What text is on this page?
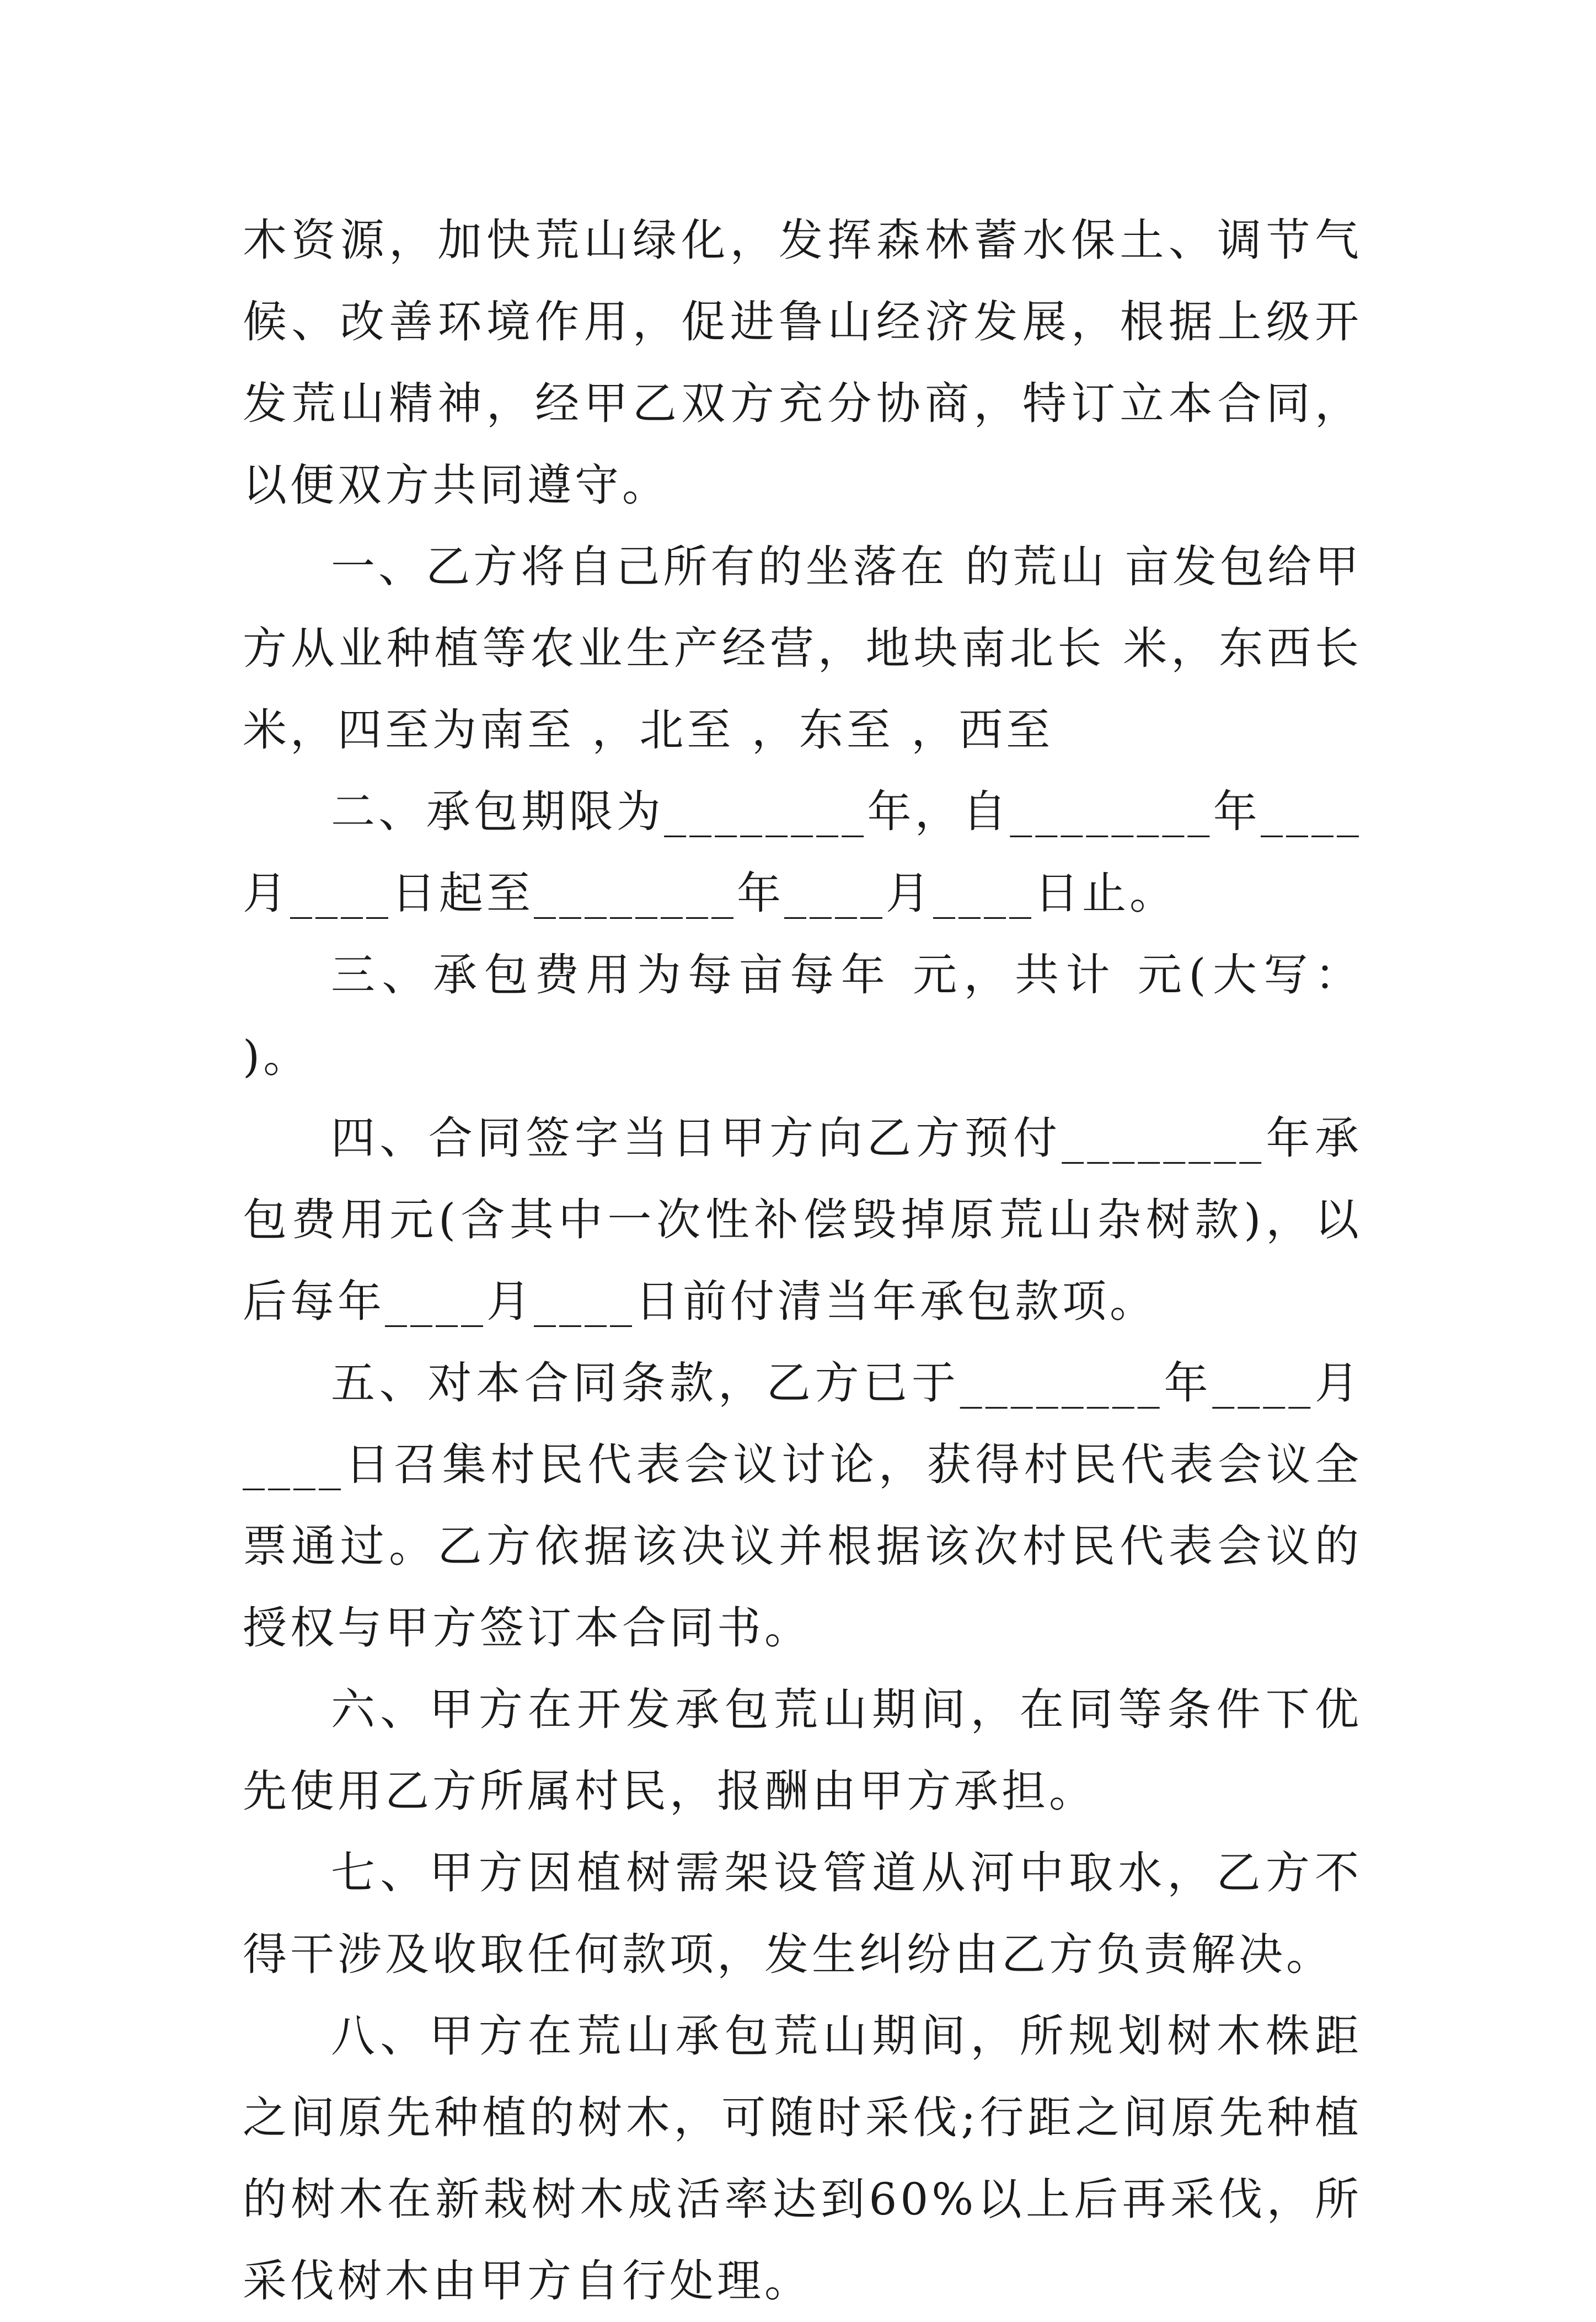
木资源，加快荒山绿化，发挥森林蓄水保土、调节气候、改善环境作用，促进鲁山经济发展，根据上级开发荒山精神，经甲乙双方充分协商，特订立本合同，以便双方共同遵守。

一、乙方将自己所有的坐落在 的荒山 亩发包给甲方从业种植等农业生产经营，地块南北长 米，东西长 米，四至为南至 ，北至 ，东至 ，西至

二、承包期限为________年，自________年____月____日起至________年____月____日止。

三、承包费用为每亩每年 元，共计 元(大写： )。

四、合同签字当日甲方向乙方预付________年承包费用元(含其中一次性补偿毁掉原荒山杂树款)，以后每年____月____日前付清当年承包款项。

五、对本合同条款，乙方已于________年____月____日召集村民代表会议讨论，获得村民代表会议全票通过。乙方依据该决议并根据该次村民代表会议的授权与甲方签订本合同书。

六、甲方在开发承包荒山期间，在同等条件下优先使用乙方所属村民，报酬由甲方承担。

七、甲方因植树需架设管道从河中取水，乙方不得干涉及收取任何款项，发生纠纷由乙方负责解决。

八、甲方在荒山承包荒山期间，所规划树木株距之间原先种植的树木，可随时采伐;行距之间原先种植的树木在新栽树木成活率达到60%以上后再采伐，所采伐树木由甲方自行处理。
